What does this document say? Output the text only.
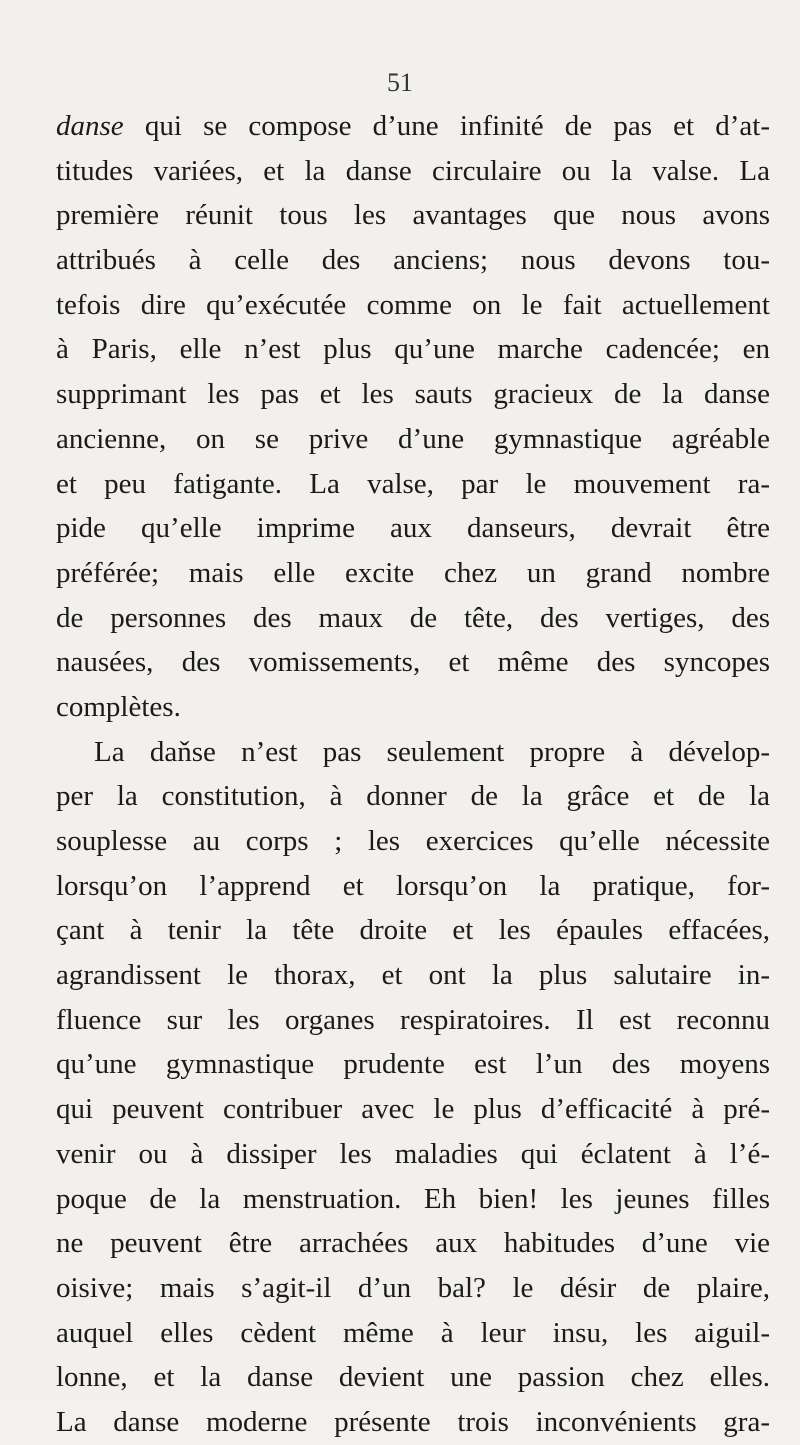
51
danse qui se compose d’une infinité de pas et d’at-
titudes variées, et la danse circulaire ou la valse. La
première réunit tous les avantages que nous avons
attribués à celle des anciens; nous devons tou-
tefois dire qu’exécutée comme on le fait actuellement
à Paris, elle n’est plus qu’une marche cadencée; en
supprimant les pas et les sauts gracieux de la danse
ancienne, on se prive d’une gymnastique agréable
et peu fatigante. La valse, par le mouvement ra-
pide qu’elle imprime aux danseurs, devrait être
préférée; mais elle excite chez un grand nombre
de personnes des maux de tête, des vertiges, des
nausées, des vomissements, et même des syncopes
complètes.
La daňse n’est pas seulement propre à dévelop-
per la constitution, à donner de la grâce et de la
souplesse au corps ; les exercices qu’elle nécessite
lorsqu’on l’apprend et lorsqu’on la pratique, for-
çant à tenir la tête droite et les épaules effacées,
agrandissent le thorax, et ont la plus salutaire in-
fluence sur les organes respiratoires. Il est reconnu
qu’une gymnastique prudente est l’un des moyens
qui peuvent contribuer avec le plus d’efficacité à pré-
venir ou à dissiper les maladies qui éclatent à l’é-
poque de la menstruation. Eh bien! les jeunes filles
ne peuvent être arrachées aux habitudes d’une vie
oisive; mais s’agit-il d’un bal? le désir de plaire,
auquel elles cèdent même à leur insu, les aiguil-
lonne, et la danse devient une passion chez elles.
La danse moderne présente trois inconvénients gra-
